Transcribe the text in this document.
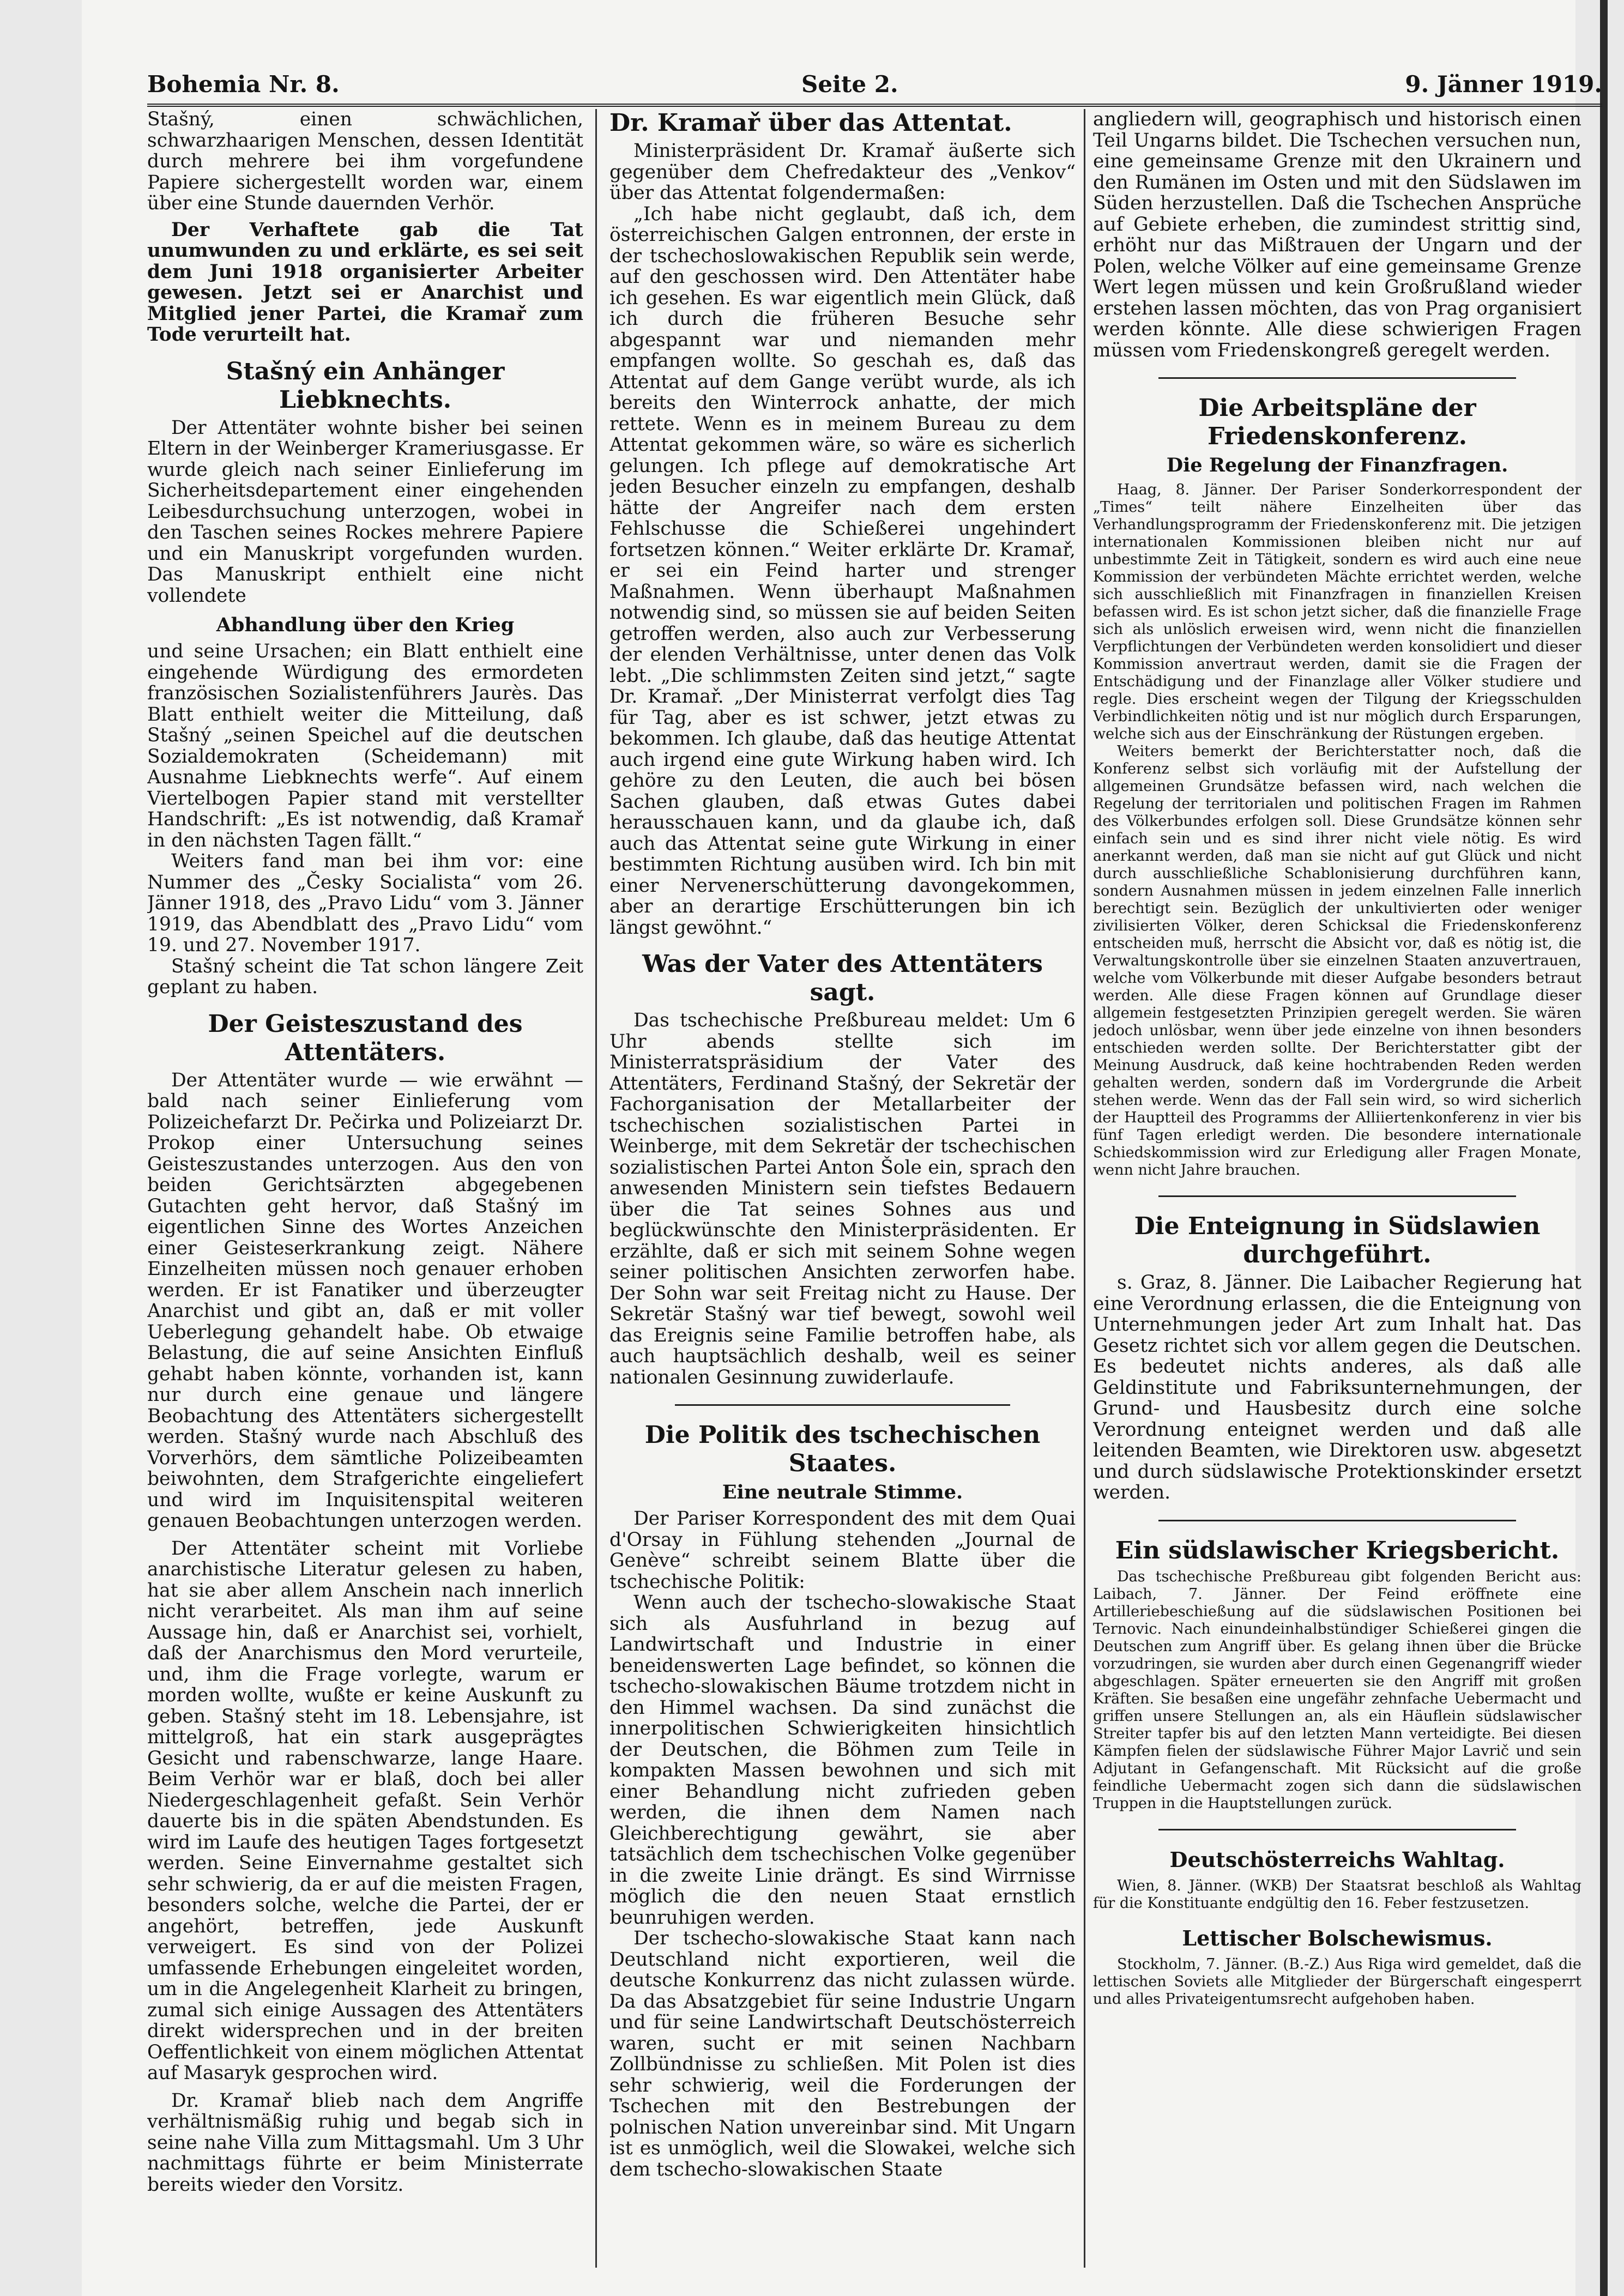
Bohemia Nr. 8.	Seite 2.	9. Jänner 1919.

Stašný, einen schwächlichen, schwarzhaarigen Menschen, dessen Identität durch mehrere bei ihm vorgefundene Papiere sichergestellt worden war, einem über eine Stunde dauernden Verhör.

Der Verhaftete gab die Tat unumwunden zu und erklärte, es sei seit dem Juni 1918 organisierter Arbeiter gewesen. Jetzt sei er Anarchist und Mitglied jener Partei, die Kramař zum Tode verurteilt hat.

Stašný ein Anhänger Liebknechts.

Der Attentäter wohnte bisher bei seinen Eltern in der Weinberger Krameriusgasse. Er wurde gleich nach seiner Einlieferung im Sicherheitsdepartement einer eingehenden Leibesdurchsuchung unterzogen, wobei in den Taschen seines Rockes mehrere Papiere und ein Manuskript vorgefunden wurden. Das Manuskript enthielt eine nicht vollendete

Abhandlung über den Krieg

und seine Ursachen; ein Blatt enthielt eine eingehende Würdigung des ermordeten französischen Sozialistenführers Jaurès. Das Blatt enthielt weiter die Mitteilung, daß Stašný „seinen Speichel auf die deutschen Sozialdemokraten (Scheidemann) mit Ausnahme Liebknechts werfe“. Auf einem Viertelbogen Papier stand mit verstellter Handschrift: „Es ist notwendig, daß Kramař in den nächsten Tagen fällt.“

Weiters fand man bei ihm vor: eine Nummer des „Česky Socialista“ vom 26. Jänner 1918, des „Pravo Lidu“ vom 3. Jänner 1919, das Abendblatt des „Pravo Lidu“ vom 19. und 27. November 1917.

Stašný scheint die Tat schon längere Zeit geplant zu haben.

Der Geisteszustand des Attentäters.

Der Attentäter wurde — wie erwähnt — bald nach seiner Einlieferung vom Polizeichefarzt Dr. Pečirka und Polizeiarzt Dr. Prokop einer Untersuchung seines Geisteszustandes unterzogen. Aus den von beiden Gerichtsärzten abgegebenen Gutachten geht hervor, daß Stašný im eigentlichen Sinne des Wortes Anzeichen einer Geisteserkrankung zeigt. Nähere Einzelheiten müssen noch genauer erhoben werden. Er ist Fanatiker und überzeugter Anarchist und gibt an, daß er mit voller Ueberlegung gehandelt habe. Ob etwaige Belastung, die auf seine Ansichten Einfluß gehabt haben könnte, vorhanden ist, kann nur durch eine genaue und längere Beobachtung des Attentäters sichergestellt werden. Stašný wurde nach Abschluß des Vorverhörs, dem sämtliche Polizeibeamten beiwohnten, dem Strafgerichte eingeliefert und wird im Inquisitenspital weiteren genauen Beobachtungen unterzogen werden.

Der Attentäter scheint mit Vorliebe anarchistische Literatur gelesen zu haben, hat sie aber allem Anschein nach innerlich nicht verarbeitet. Als man ihm auf seine Aussage hin, daß er Anarchist sei, vorhielt, daß der Anarchismus den Mord verurteile, und, ihm die Frage vorlegte, warum er morden wollte, wußte er keine Auskunft zu geben. Stašný steht im 18. Lebensjahre, ist mittelgroß, hat ein stark ausgeprägtes Gesicht und rabenschwarze, lange Haare. Beim Verhör war er blaß, doch bei aller Niedergeschlagenheit gefaßt. Sein Verhör dauerte bis in die späten Abendstunden. Es wird im Laufe des heutigen Tages fortgesetzt werden. Seine Einvernahme gestaltet sich sehr schwierig, da er auf die meisten Fragen, besonders solche, welche die Partei, der er angehört, betreffen, jede Auskunft verweigert. Es sind von der Polizei umfassende Erhebungen eingeleitet worden, um in die Angelegenheit Klarheit zu bringen, zumal sich einige Aussagen des Attentäters direkt widersprechen und in der breiten Oeffentlichkeit von einem möglichen Attentat auf Masaryk gesprochen wird.

Dr. Kramař blieb nach dem Angriffe verhältnismäßig ruhig und begab sich in seine nahe Villa zum Mittagsmahl. Um 3 Uhr nachmittags führte er beim Ministerrate bereits wieder den Vorsitz.

Dr. Kramař über das Attentat.

Ministerpräsident Dr. Kramař äußerte sich gegenüber dem Chefredakteur des „Venkov“ über das Attentat folgendermaßen:

„Ich habe nicht geglaubt, daß ich, dem österreichischen Galgen entronnen, der erste in der tschechoslowakischen Republik sein werde, auf den geschossen wird. Den Attentäter habe ich gesehen. Es war eigentlich mein Glück, daß ich durch die früheren Besuche sehr abgespannt war und niemanden mehr empfangen wollte. So geschah es, daß das Attentat auf dem Gange verübt wurde, als ich bereits den Winterrock anhatte, der mich rettete. Wenn es in meinem Bureau zu dem Attentat gekommen wäre, so wäre es sicherlich gelungen. Ich pflege auf demokratische Art jeden Besucher einzeln zu empfangen, deshalb hätte der Angreifer nach dem ersten Fehlschusse die Schießerei ungehindert fortsetzen können.“ Weiter erklärte Dr. Kramař, er sei ein Feind harter und strenger Maßnahmen. Wenn überhaupt Maßnahmen notwendig sind, so müssen sie auf beiden Seiten getroffen werden, also auch zur Verbesserung der elenden Verhältnisse, unter denen das Volk lebt. „Die schlimmsten Zeiten sind jetzt,“ sagte Dr. Kramař. „Der Ministerrat verfolgt dies Tag für Tag, aber es ist schwer, jetzt etwas zu bekommen. Ich glaube, daß das heutige Attentat auch irgend eine gute Wirkung haben wird. Ich gehöre zu den Leuten, die auch bei bösen Sachen glauben, daß etwas Gutes dabei herausschauen kann, und da glaube ich, daß auch das Attentat seine gute Wirkung in einer bestimmten Richtung ausüben wird. Ich bin mit einer Nervenerschütterung davongekommen, aber an derartige Erschütterungen bin ich längst gewöhnt.“

Was der Vater des Attentäters sagt.

Das tschechische Preßbureau meldet: Um 6 Uhr abends stellte sich im Ministerratspräsidium der Vater des Attentäters, Ferdinand Stašný, der Sekretär der Fachorganisation der Metallarbeiter der tschechischen sozialistischen Partei in Weinberge, mit dem Sekretär der tschechischen sozialistischen Partei Anton Šole ein, sprach den anwesenden Ministern sein tiefstes Bedauern über die Tat seines Sohnes aus und beglückwünschte den Ministerpräsidenten. Er erzählte, daß er sich mit seinem Sohne wegen seiner politischen Ansichten zerworfen habe. Der Sohn war seit Freitag nicht zu Hause. Der Sekretär Stašný war tief bewegt, sowohl weil das Ereignis seine Familie betroffen habe, als auch hauptsächlich deshalb, weil es seiner nationalen Gesinnung zuwiderlaufe.

Die Politik des tschechischen Staates.
Eine neutrale Stimme.

Der Pariser Korrespondent des mit dem Quai d'Orsay in Fühlung stehenden „Journal de Genève“ schreibt seinem Blatte über die tschechische Politik:

Wenn auch der tschecho-slowakische Staat sich als Ausfuhrland in bezug auf Landwirtschaft und Industrie in einer beneidenswerten Lage befindet, so können die tschecho-slowakischen Bäume trotzdem nicht in den Himmel wachsen. Da sind zunächst die innerpolitischen Schwierigkeiten hinsichtlich der Deutschen, die Böhmen zum Teile in kompakten Massen bewohnen und sich mit einer Behandlung nicht zufrieden geben werden, die ihnen dem Namen nach Gleichberechtigung gewährt, sie aber tatsächlich dem tschechischen Volke gegenüber in die zweite Linie drängt. Es sind Wirrnisse möglich die den neuen Staat ernstlich beunruhigen werden.

Der tschecho-slowakische Staat kann nach Deutschland nicht exportieren, weil die deutsche Konkurrenz das nicht zulassen würde. Da das Absatzgebiet für seine Industrie Ungarn und für seine Landwirtschaft Deutschösterreich waren, sucht er mit seinen Nachbarn Zollbündnisse zu schließen. Mit Polen ist dies sehr schwierig, weil die Forderungen der Tschechen mit den Bestrebungen der polnischen Nation unvereinbar sind. Mit Ungarn ist es unmöglich, weil die Slowakei, welche sich dem tschecho-slowakischen Staate

angliedern will, geographisch und historisch einen Teil Ungarns bildet. Die Tschechen versuchen nun, eine gemeinsame Grenze mit den Ukrainern und den Rumänen im Osten und mit den Südslawen im Süden herzustellen. Daß die Tschechen Ansprüche auf Gebiete erheben, die zumindest strittig sind, erhöht nur das Mißtrauen der Ungarn und der Polen, welche Völker auf eine gemeinsame Grenze Wert legen müssen und kein Großrußland wieder erstehen lassen möchten, das von Prag organisiert werden könnte. Alle diese schwierigen Fragen müssen vom Friedenskongreß geregelt werden.

Die Arbeitspläne der Friedenskonferenz.
Die Regelung der Finanzfragen.

Haag, 8. Jänner. Der Pariser Sonderkorrespondent der „Times“ teilt nähere Einzelheiten über das Verhandlungsprogramm der Friedenskonferenz mit. Die jetzigen internationalen Kommissionen bleiben nicht nur auf unbestimmte Zeit in Tätigkeit, sondern es wird auch eine neue Kommission der verbündeten Mächte errichtet werden, welche sich ausschließlich mit Finanzfragen in finanziellen Kreisen befassen wird. Es ist schon jetzt sicher, daß die finanzielle Frage sich als unlöslich erweisen wird, wenn nicht die finanziellen Verpflichtungen der Verbündeten werden konsolidiert und dieser Kommission anvertraut werden, damit sie die Fragen der Entschädigung und der Finanzlage aller Völker studiere und regle. Dies erscheint wegen der Tilgung der Kriegsschulden Verbindlichkeiten nötig und ist nur möglich durch Ersparungen, welche sich aus der Einschränkung der Rüstungen ergeben.

Weiters bemerkt der Berichterstatter noch, daß die Konferenz selbst sich vorläufig mit der Aufstellung der allgemeinen Grundsätze befassen wird, nach welchen die Regelung der territorialen und politischen Fragen im Rahmen des Völkerbundes erfolgen soll. Diese Grundsätze können sehr einfach sein und es sind ihrer nicht viele nötig. Es wird anerkannt werden, daß man sie nicht auf gut Glück und nicht durch ausschließliche Schablonisierung durchführen kann, sondern Ausnahmen müssen in jedem einzelnen Falle innerlich berechtigt sein. Bezüglich der unkultivierten oder weniger zivilisierten Völker, deren Schicksal die Friedenskonferenz entscheiden muß, herrscht die Absicht vor, daß es nötig ist, die Verwaltungskontrolle über sie einzelnen Staaten anzuvertrauen, welche vom Völkerbunde mit dieser Aufgabe besonders betraut werden. Alle diese Fragen können auf Grundlage dieser allgemein festgesetzten Prinzipien geregelt werden. Sie wären jedoch unlösbar, wenn über jede einzelne von ihnen besonders entschieden werden sollte. Der Berichterstatter gibt der Meinung Ausdruck, daß keine hochtrabenden Reden werden gehalten werden, sondern daß im Vordergrunde die Arbeit stehen werde. Wenn das der Fall sein wird, so wird sicherlich der Hauptteil des Programms der Alliiertenkonferenz in vier bis fünf Tagen erledigt werden. Die besondere internationale Schiedskommission wird zur Erledigung aller Fragen Monate, wenn nicht Jahre brauchen.

Die Enteignung in Südslawien durchgeführt.

s. Graz, 8. Jänner. Die Laibacher Regierung hat eine Verordnung erlassen, die die Enteignung von Unternehmungen jeder Art zum Inhalt hat. Das Gesetz richtet sich vor allem gegen die Deutschen. Es bedeutet nichts anderes, als daß alle Geldinstitute und Fabriksunternehmungen, der Grund- und Hausbesitz durch eine solche Verordnung enteignet werden und daß alle leitenden Beamten, wie Direktoren usw. abgesetzt und durch südslawische Protektionskinder ersetzt werden.

Ein südslawischer Kriegsbericht.

Das tschechische Preßbureau gibt folgenden Bericht aus: Laibach, 7. Jänner. Der Feind eröffnete eine Artilleriebeschießung auf die südslawischen Positionen bei Ternovic. Nach einundeinhalbstündiger Schießerei gingen die Deutschen zum Angriff über. Es gelang ihnen über die Brücke vorzudringen, sie wurden aber durch einen Gegenangriff wieder abgeschlagen. Später erneuerten sie den Angriff mit großen Kräften. Sie besaßen eine ungefähr zehnfache Uebermacht und griffen unsere Stellungen an, als ein Häuflein südslawischer Streiter tapfer bis auf den letzten Mann verteidigte. Bei diesen Kämpfen fielen der südslawische Führer Major Lavrič und sein Adjutant in Gefangenschaft. Mit Rücksicht auf die große feindliche Uebermacht zogen sich dann die südslawischen Truppen in die Hauptstellungen zurück.

Deutschösterreichs Wahltag.

Wien, 8. Jänner. (WKB) Der Staatsrat beschloß als Wahltag für die Konstituante endgültig den 16. Feber festzusetzen.

Lettischer Bolschewismus.

Stockholm, 7. Jänner. (B.-Z.) Aus Riga wird gemeldet, daß die lettischen Soviets alle Mitglieder der Bürgerschaft eingesperrt und alles Privateigentumsrecht aufgehoben haben.
